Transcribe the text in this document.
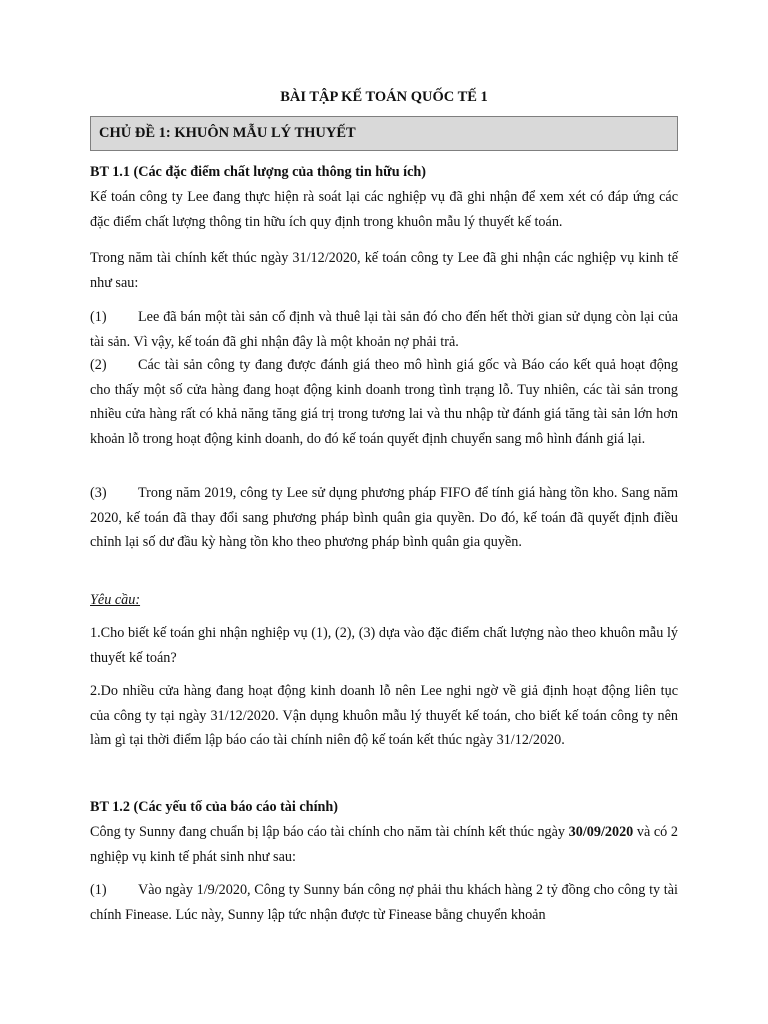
BÀI TẬP KẾ TOÁN QUỐC TẾ 1
CHỦ ĐỀ 1: KHUÔN MẪU LÝ THUYẾT

BT 1.1 (Các đặc điểm chất lượng của thông tin hữu ích)

Kế toán công ty Lee đang thực hiện rà soát lại các nghiệp vụ đã ghi nhận để xem xét có đáp ứng các đặc điểm chất lượng thông tin hữu ích quy định trong khuôn mẫu lý thuyết kế toán.

Trong năm tài chính kết thúc ngày 31/12/2020, kế toán công ty Lee đã ghi nhận các nghiệp vụ kinh tế như sau:

(1) Lee đã bán một tài sản cố định và thuê lại tài sản đó cho đến hết thời gian sử dụng còn lại của tài sản. Vì vậy, kế toán đã ghi nhận đây là một khoản nợ phải trả.

(2) Các tài sản công ty đang được đánh giá theo mô hình giá gốc và Báo cáo kết quả hoạt động cho thấy một số cửa hàng đang hoạt động kinh doanh trong tình trạng lỗ. Tuy nhiên, các tài sản trong nhiều cửa hàng rất có khả năng tăng giá trị trong tương lai và thu nhập từ đánh giá tăng tài sản lớn hơn khoản lỗ trong hoạt động kinh doanh, do đó kế toán quyết định chuyển sang mô hình đánh giá lại.

(3) Trong năm 2019, công ty Lee sử dụng phương pháp FIFO để tính giá hàng tồn kho. Sang năm 2020, kế toán đã thay đổi sang phương pháp bình quân gia quyền. Do đó, kế toán đã quyết định điều chỉnh lại số dư đầu kỳ hàng tồn kho theo phương pháp bình quân gia quyền.

Yêu cầu:

1.Cho biết kế toán ghi nhận nghiệp vụ (1), (2), (3) dựa vào đặc điểm chất lượng nào theo khuôn mẫu lý thuyết kế toán?

2.Do nhiều cửa hàng đang hoạt động kinh doanh lỗ nên Lee nghi ngờ về giả định hoạt động liên tục của công ty tại ngày 31/12/2020. Vận dụng khuôn mẫu lý thuyết kế toán, cho biết kế toán công ty nên làm gì tại thời điểm lập báo cáo tài chính niên độ kế toán kết thúc ngày 31/12/2020.

BT 1.2 (Các yếu tố của báo cáo tài chính)

Công ty Sunny đang chuẩn bị lập báo cáo tài chính cho năm tài chính kết thúc ngày 30/09/2020 và có 2 nghiệp vụ kinh tế phát sinh như sau:

(1) Vào ngày 1/9/2020, Công ty Sunny bán công nợ phải thu khách hàng 2 tỷ đồng cho công ty tài chính Finease. Lúc này, Sunny lập tức nhận được từ Finease bằng chuyển khoản
